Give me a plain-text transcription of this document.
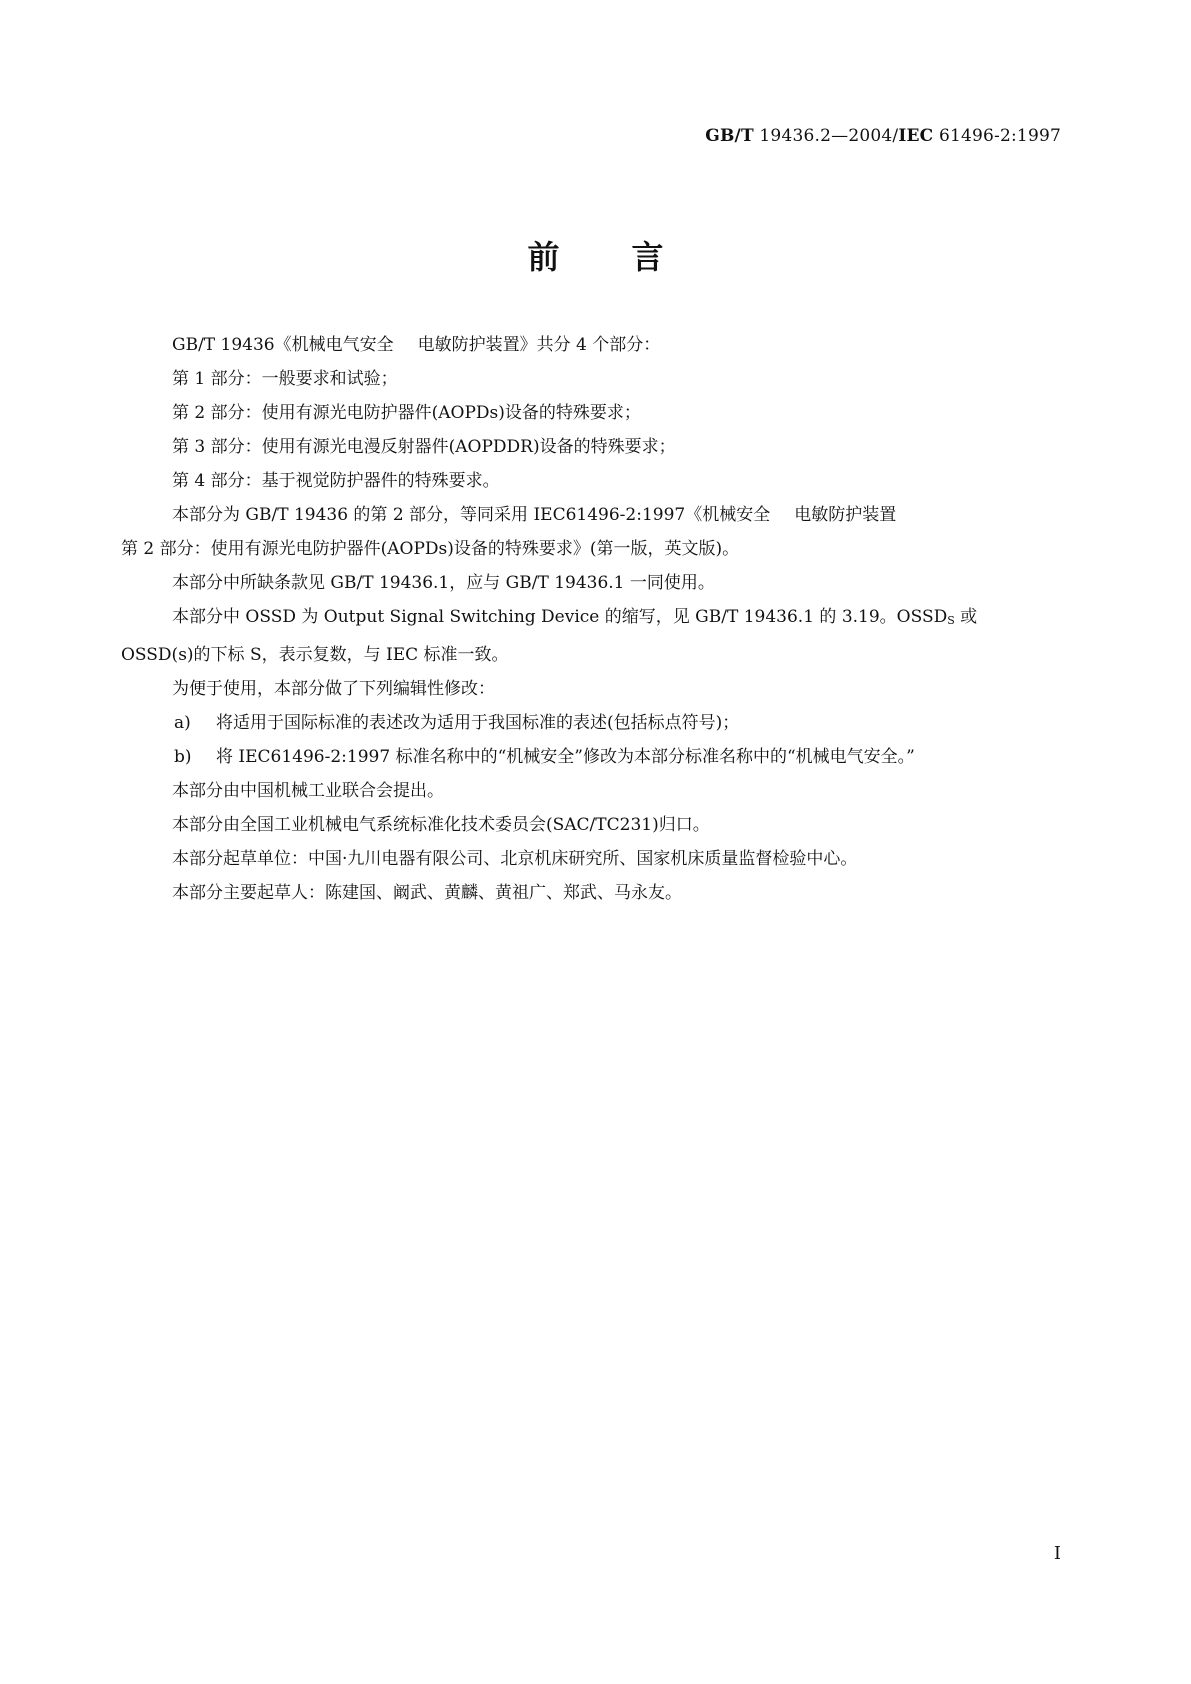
GB/T 19436.2—2004/IEC 61496-2:1997
前 言

GB/T 19436《机械电气安全 电敏防护装置》共分 4 个部分：

第 1 部分：一般要求和试验；

第 2 部分：使用有源光电防护器件(AOPDs)设备的特殊要求；

第 3 部分：使用有源光电漫反射器件(AOPDDR)设备的特殊要求；

第 4 部分：基于视觉防护器件的特殊要求。

本部分为 GB/T 19436 的第 2 部分，等同采用 IEC61496-2:1997《机械安全 电敏防护装置

第 2 部分：使用有源光电防护器件(AOPDs)设备的特殊要求》(第一版，英文版)。

本部分中所缺条款见 GB/T 19436.1，应与 GB/T 19436.1 一同使用。

本部分中 OSSD 为 Output Signal Switching Device 的缩写，见 GB/T 19436.1 的 3.19。$OSSD_S$ 或

OSSD(s)的下标 S，表示复数，与 IEC 标准一致。

为便于使用，本部分做了下列编辑性修改：

a) 将适用于国际标准的表述改为适用于我国标准的表述(包括标点符号)；

b) 将 IEC61496-2:1997 标准名称中的“机械安全”修改为本部分标准名称中的“机械电气安全。”

本部分由中国机械工业联合会提出。

本部分由全国工业机械电气系统标准化技术委员会(SAC/TC231)归口。

本部分起草单位：中国·九川电器有限公司、北京机床研究所、国家机床质量监督检验中心。

本部分主要起草人：陈建国、阚武、黄麟、黄祖广、郑武、马永友。

I
